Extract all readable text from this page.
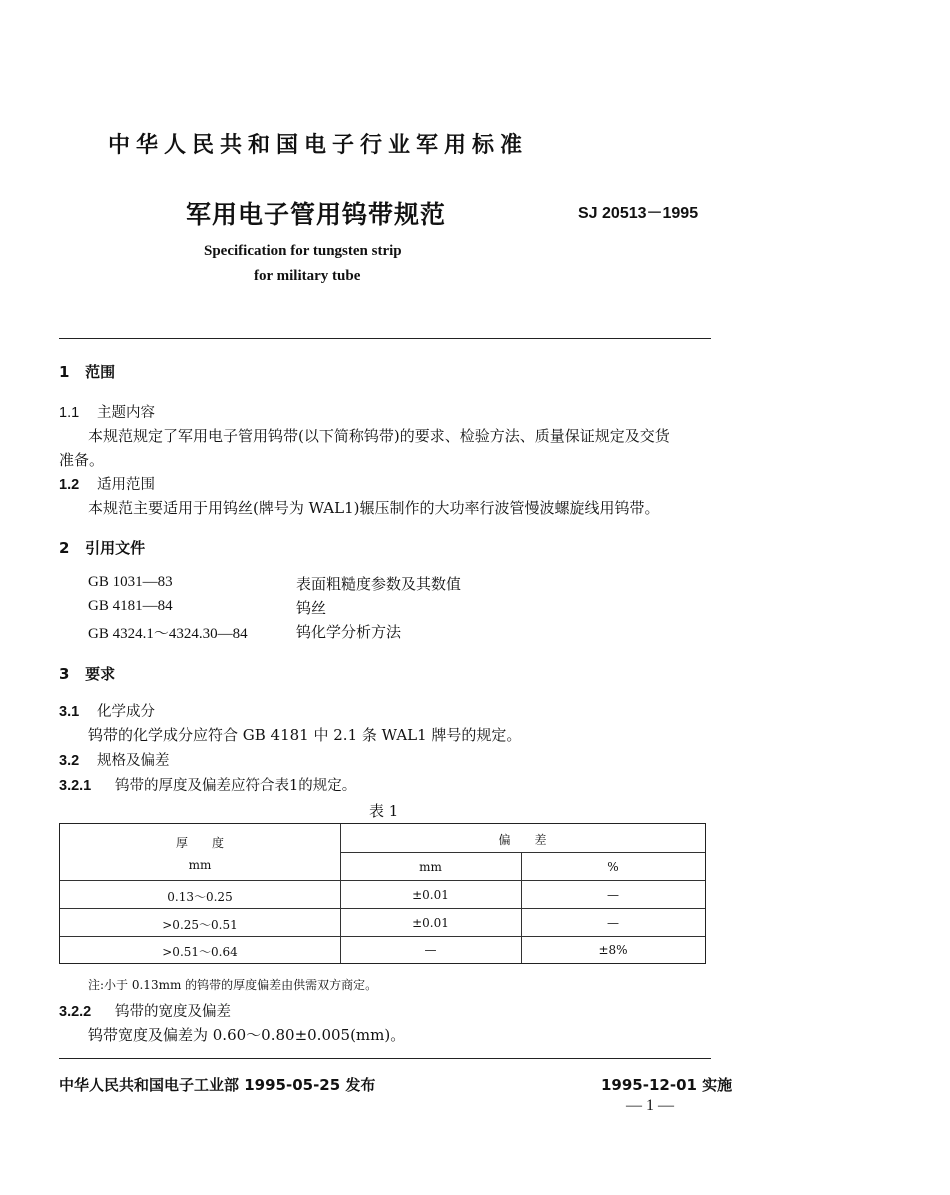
中华人民共和国电子行业军用标准
军用电子管用钨带规范	SJ 20513－1995
Specification for tungsten strip
for military tube
1 范围
1.1 主题内容
本规范规定了军用电子管用钨带(以下简称钨带)的要求、检验方法、质量保证规定及交货
准备。
1.2 适用范围
本规范主要适用于用钨丝(牌号为 WAL1)辗压制作的大功率行波管慢波螺旋线用钨带。
2 引用文件
GB 1031—83	表面粗糙度参数及其数值
GB 4181—84	钨丝
GB 4324.1～4324.30—84	钨化学分析方法
3 要求
3.1 化学成分
钨带的化学成分应符合 GB 4181 中 2.1 条 WAL1 牌号的规定。
3.2 规格及偏差
3.2.1 钨带的厚度及偏差应符合表1的规定。
表 1
厚　　度
mm
偏　　差
mm	%
0.13～0.25	±0.01	—
>0.25～0.51	±0.01	—
>0.51～0.64	—	±8%
注:小于 0.13mm 的钨带的厚度偏差由供需双方商定。
3.2.2 钨带的宽度及偏差
钨带宽度及偏差为 0.60～0.80±0.005(mm)。
中华人民共和国电子工业部 1995-05-25 发布	1995-12-01 实施
— 1 —
